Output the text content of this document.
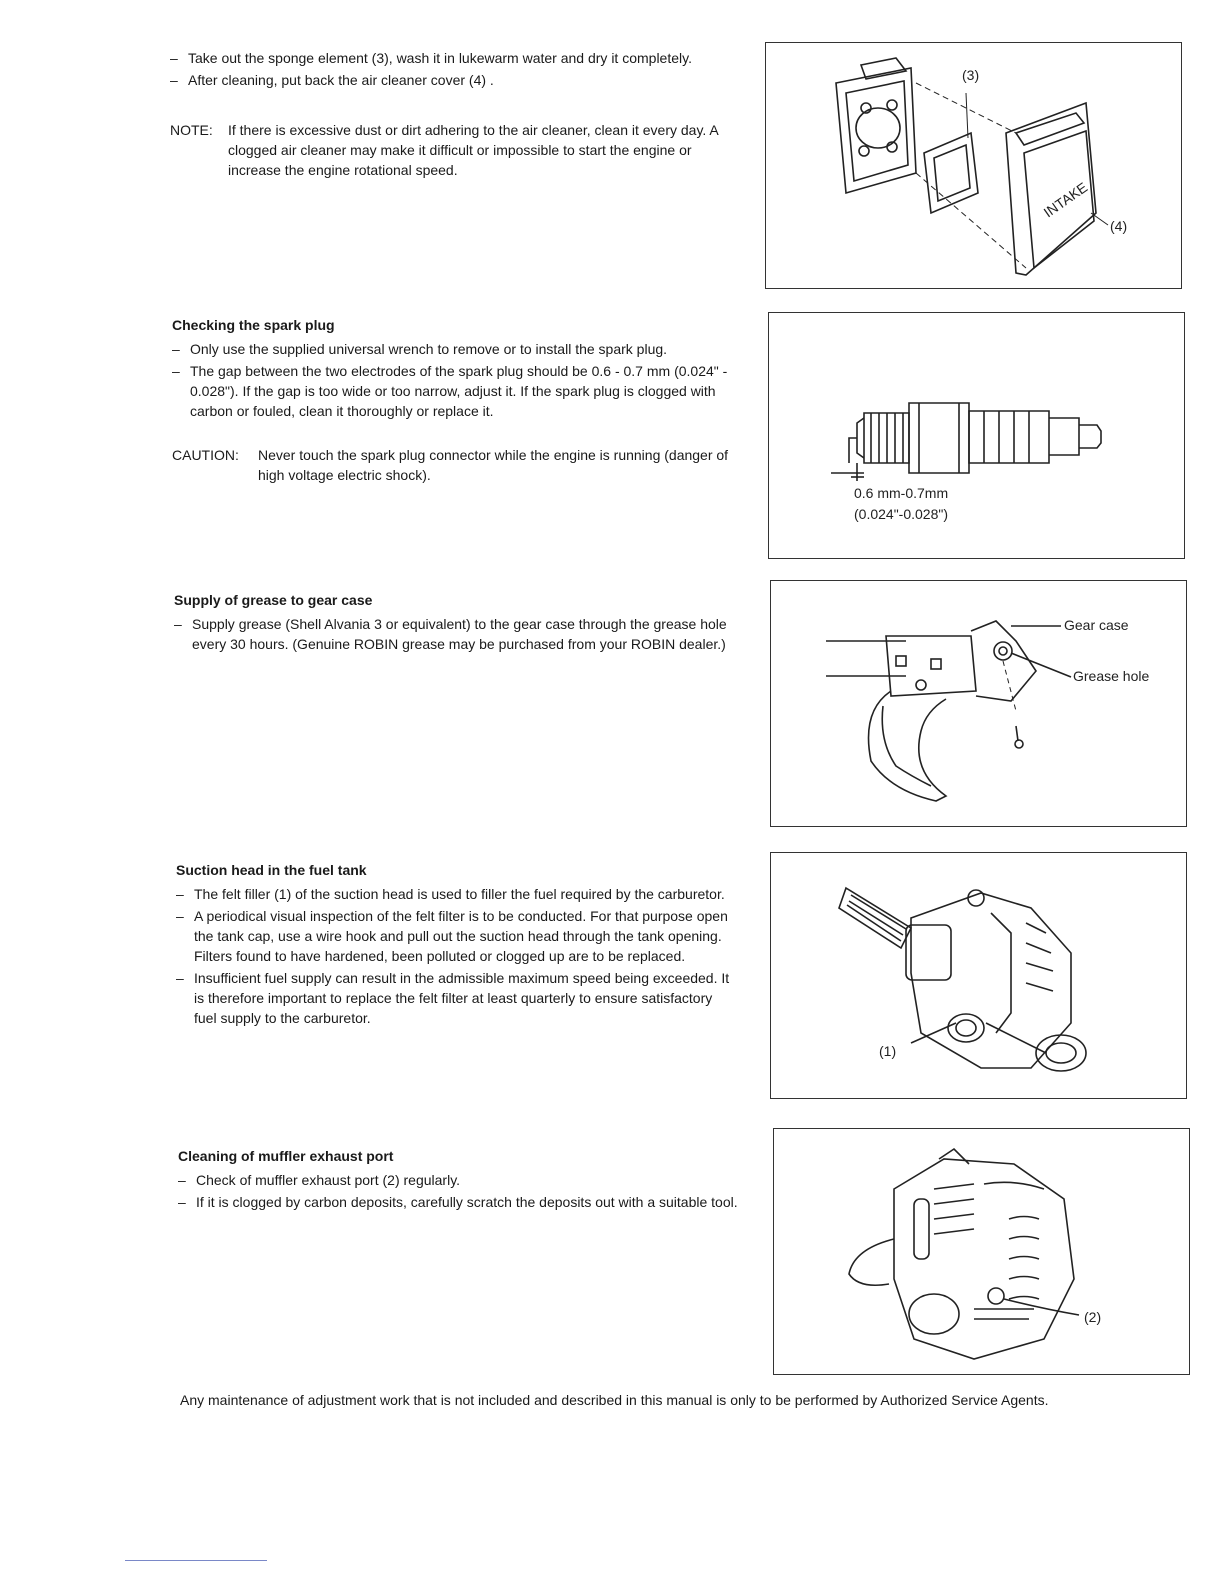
– Take out the sponge element (3), wash it in lukewarm water and dry it completely.
– After cleaning, put back the air cleaner cover (4) .
NOTE:	If there is excessive dust or dirt adhering to the air cleaner, clean it every day. A clogged air cleaner may make it difficult or impossible to start the engine or increase the engine rotational speed.
(3)
(4)
INTAKE
Checking the spark plug
– Only use the supplied universal wrench to remove or to install the spark plug.
– The gap between the two electrodes of the spark plug should be 0.6 - 0.7 mm (0.024" - 0.028"). If the gap is too wide or too narrow, adjust it. If the spark plug is clogged with carbon or fouled, clean it thoroughly or replace it.
CAUTION:	Never touch the spark plug connector while the engine is running (danger of high voltage electric shock).
0.6 mm-0.7mm
(0.024"-0.028")
Supply of grease to gear case
– Supply grease (Shell Alvania 3 or equivalent) to the gear case through the grease hole every 30 hours. (Genuine ROBIN grease may be purchased from your ROBIN dealer.)
Gear case
Grease hole
Suction head in the fuel tank
– The felt filler (1) of the suction head is used to filler the fuel required by the carburetor.
– A periodical visual inspection of the felt filter is to be conducted. For that purpose open the tank cap, use a wire hook and pull out the suction head through the tank opening. Filters found to have hardened, been polluted or clogged up are to be replaced.
– Insufficient fuel supply can result in the admissible maximum speed being exceeded. It is therefore important to replace the felt filter at least quarterly to ensure satisfactory fuel supply to the carburetor.
(1)
Cleaning of muffler exhaust port
– Check of muffler exhaust port (2) regularly.
– If it is clogged by carbon deposits, carefully scratch the deposits out with a suitable tool.
(2)
Any maintenance of adjustment work that is not included and described in this manual is only to be performed by Authorized Service Agents.
